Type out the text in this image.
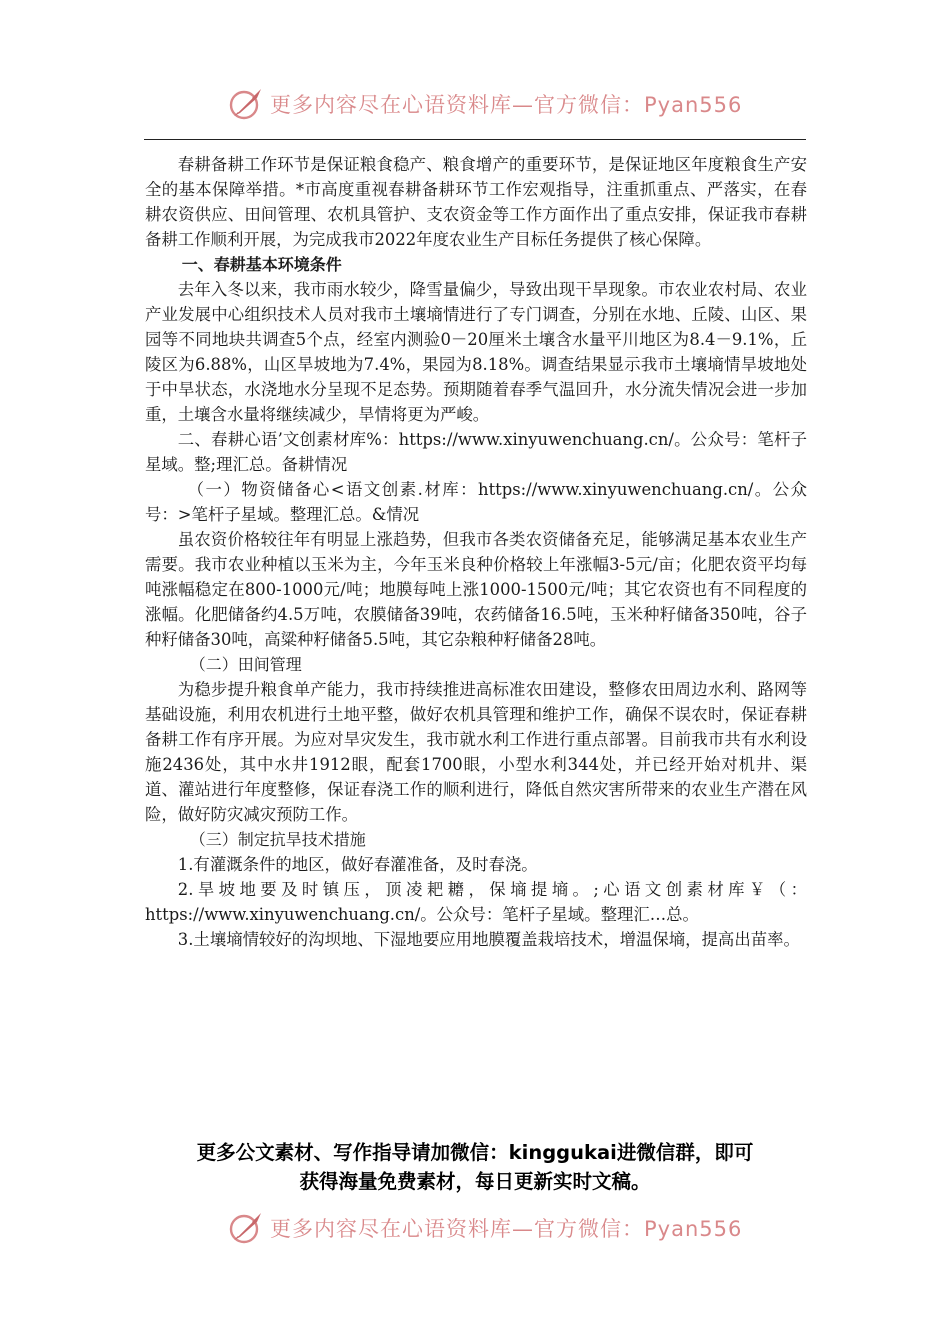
更多内容尽在心语资料库—官方微信：Pyan556

春耕备耕工作环节是保证粮食稳产、粮食增产的重要环节，是保证地区年度粮食生产安全的基本保障举措。*市高度重视春耕备耕环节工作宏观指导，注重抓重点、严落实，在春耕农资供应、田间管理、农机具管护、支农资金等工作方面作出了重点安排，保证我市春耕备耕工作顺利开展，为完成我市2022年度农业生产目标任务提供了核心保障。

一、春耕基本环境条件

去年入冬以来，我市雨水较少，降雪量偏少，导致出现干旱现象。市农业农村局、农业产业发展中心组织技术人员对我市土壤墒情进行了专门调查，分别在水地、丘陵、山区、果园等不同地块共调查5个点，经室内测验0－20厘米土壤含水量平川地区为8.4－9.1%，丘陵区为6.88%，山区旱坡地为7.4%，果园为8.18%。调查结果显示我市土壤墒情旱坡地处于中旱状态，水浇地水分呈现不足态势。预期随着春季气温回升，水分流失情况会进一步加重，土壤含水量将继续减少，旱情将更为严峻。

二、春耕心语’文创素材库%：https://www.xinyuwenchuang.cn/。公众号：笔杆子星域。整;理汇总。备耕情况

（一）物资储备心<语文创素.材库：https://www.xinyuwenchuang.cn/。公众号：>笔杆子星域。整理汇总。&情况

虽农资价格较往年有明显上涨趋势，但我市各类农资储备充足，能够满足基本农业生产需要。我市农业种植以玉米为主，今年玉米良种价格较上年涨幅3-5元/亩；化肥农资平均每吨涨幅稳定在800-1000元/吨；地膜每吨上涨1000-1500元/吨；其它农资也有不同程度的涨幅。化肥储备约4.5万吨，农膜储备39吨，农药储备16.5吨，玉米种籽储备350吨，谷子种籽储备30吨，高粱种籽储备5.5吨，其它杂粮种籽储备28吨。

（二）田间管理

为稳步提升粮食单产能力，我市持续推进高标准农田建设，整修农田周边水利、路网等基础设施，利用农机进行土地平整，做好农机具管理和维护工作，确保不误农时，保证春耕备耕工作有序开展。为应对旱灾发生，我市就水利工作进行重点部署。目前我市共有水利设施2436处，其中水井1912眼，配套1700眼，小型水利344处，并已经开始对机井、渠道、灌站进行年度整修，保证春浇工作的顺利进行，降低自然灾害所带来的农业生产潜在风险，做好防灾减灾预防工作。

（三）制定抗旱技术措施

1.有灌溉条件的地区，做好春灌准备，及时春浇。

2.旱坡地要及时镇压，顶凌耙耱，保墒提墒。;心语文创素材库￥（：https://www.xinyuwenchuang.cn/。公众号：笔杆子星域。整理汇…总。

3.土壤墒情较好的沟坝地、下湿地要应用地膜覆盖栽培技术，增温保墒，提高出苗率。

更多公文素材、写作指导请加微信：kinggukai进微信群，即可
获得海量免费素材，每日更新实时文稿。
更多内容尽在心语资料库—官方微信：Pyan556
